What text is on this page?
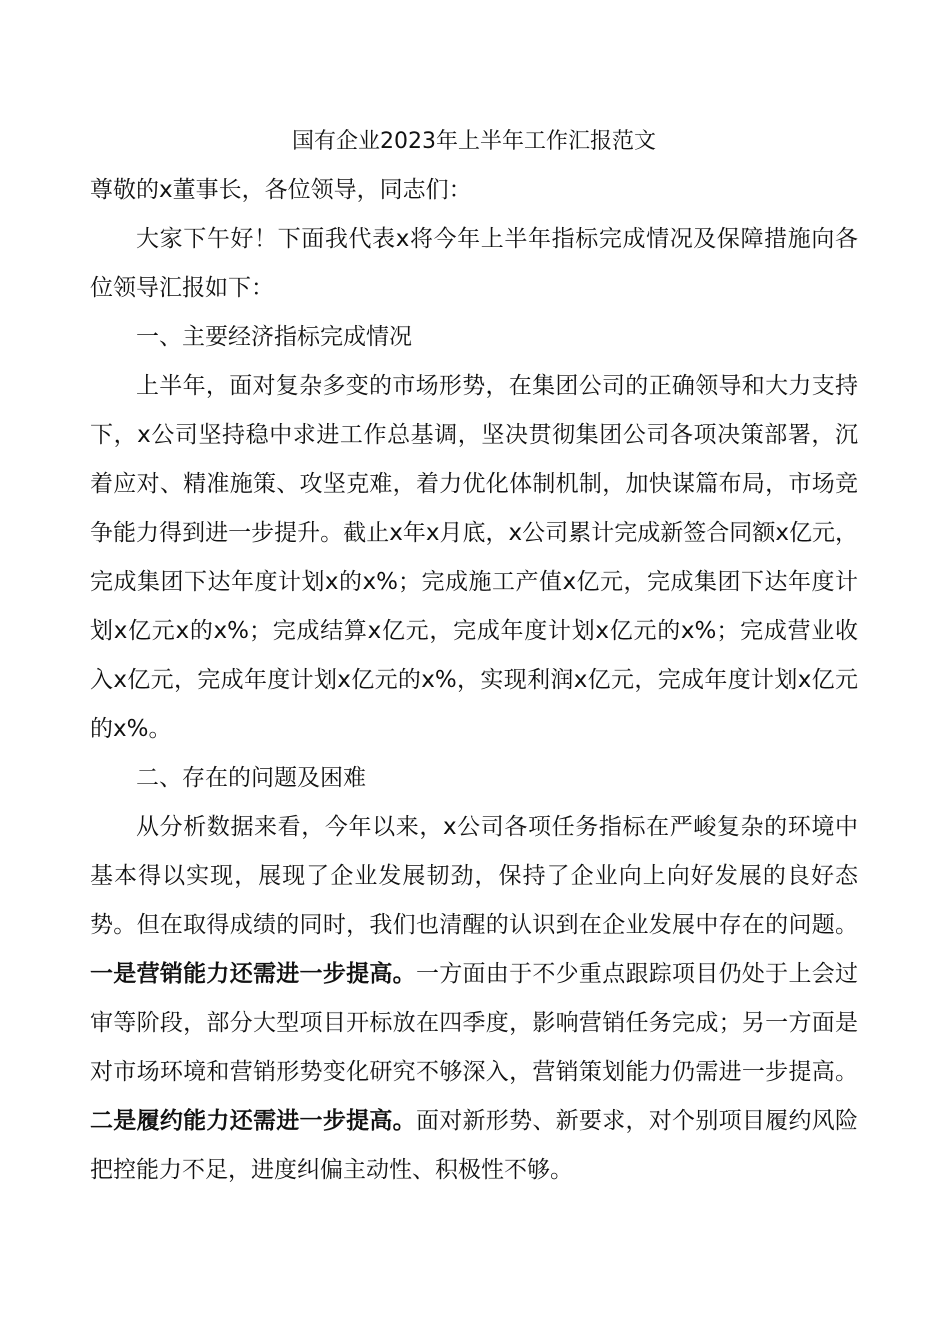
国有企业2023年上半年工作汇报范文

尊敬的x董事长，各位领导，同志们：

大家下午好！下面我代表x将今年上半年指标完成情况及保障措施向各位领导汇报如下：

一、主要经济指标完成情况

上半年，面对复杂多变的市场形势，在集团公司的正确领导和大力支持下，x公司坚持稳中求进工作总基调，坚决贯彻集团公司各项决策部署，沉着应对、精准施策、攻坚克难，着力优化体制机制，加快谋篇布局，市场竞争能力得到进一步提升。截止x年x月底，x公司累计完成新签合同额x亿元，完成集团下达年度计划x的x%；完成施工产值x亿元，完成集团下达年度计划x亿元x的x%；完成结算x亿元，完成年度计划x亿元的x%；完成营业收入x亿元，完成年度计划x亿元的x%，实现利润x亿元，完成年度计划x亿元的x%。

二、存在的问题及困难

从分析数据来看，今年以来，x公司各项任务指标在严峻复杂的环境中基本得以实现，展现了企业发展韧劲，保持了企业向上向好发展的良好态势。但在取得成绩的同时，我们也清醒的认识到在企业发展中存在的问题。一是营销能力还需进一步提高。一方面由于不少重点跟踪项目仍处于上会过审等阶段，部分大型项目开标放在四季度，影响营销任务完成；另一方面是对市场环境和营销形势变化研究不够深入，营销策划能力仍需进一步提高。二是履约能力还需进一步提高。面对新形势、新要求，对个别项目履约风险把控能力不足，进度纠偏主动性、积极性不够。
